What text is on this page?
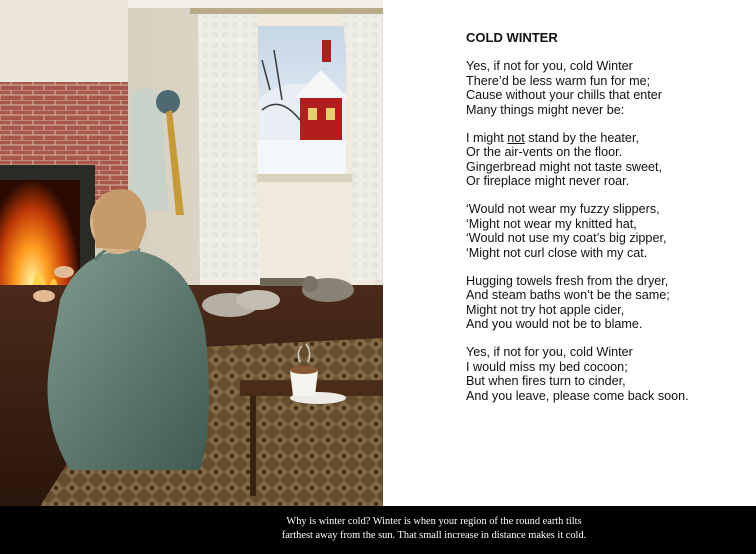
COLD WINTER
Yes, if not for you, cold Winter
There’d be less warm fun for me;
Cause without your chills that enter
Many things might never be:
I might not stand by the heater,
Or the air-vents on the floor.
Gingerbread might not taste sweet,
Or fireplace might never roar.
‘Would not wear my fuzzy slippers,
‘Might not wear my knitted hat,
‘Would not use my coat’s big zipper,
‘Might not curl close with my cat.
Hugging towels fresh from the dryer,
And steam baths won’t be the same;
Might not try hot apple cider,
And you would not be to blame.
Yes, if not for you, cold Winter
I would miss my bed cocoon;
But when fires turn to cinder,
And you leave, please come back soon.
Why is winter cold? Winter is when your region of the round earth tilts
farthest away from the sun. That small increase in distance makes it cold.
